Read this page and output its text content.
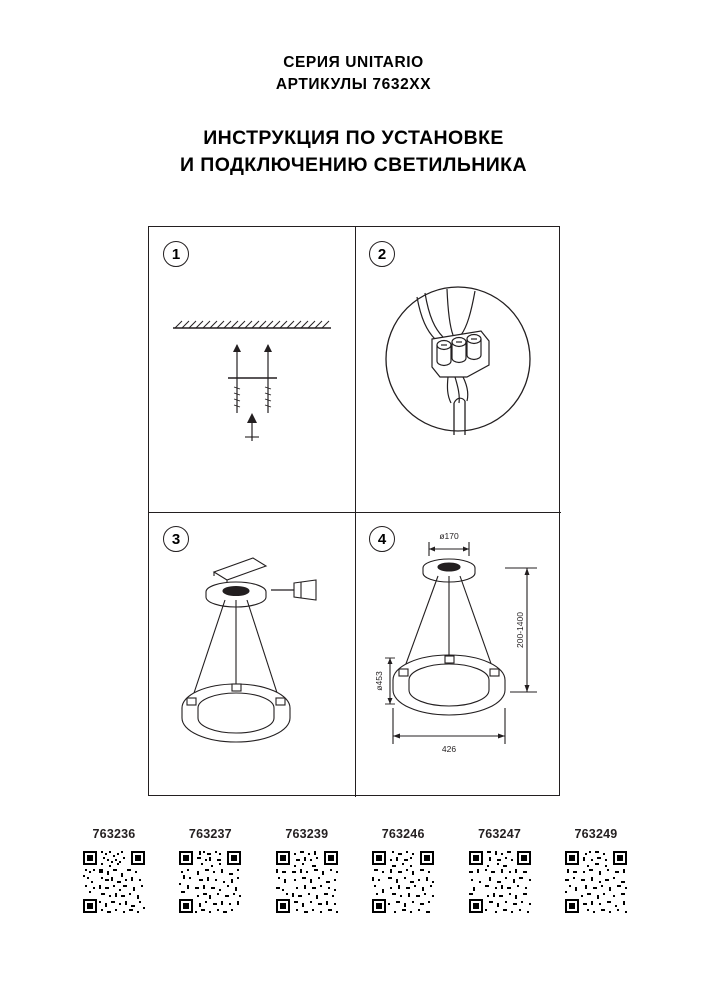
СЕРИЯ UNITARIO
АРТИКУЛЫ 7632XX
ИНСТРУКЦИЯ ПО УСТАНОВКЕ
И ПОДКЛЮЧЕНИЮ СВЕТИЛЬНИКА
1	2
3	4	ø170
200-1400
ø453
426
763236	763237	763239	763246	763247	763249
